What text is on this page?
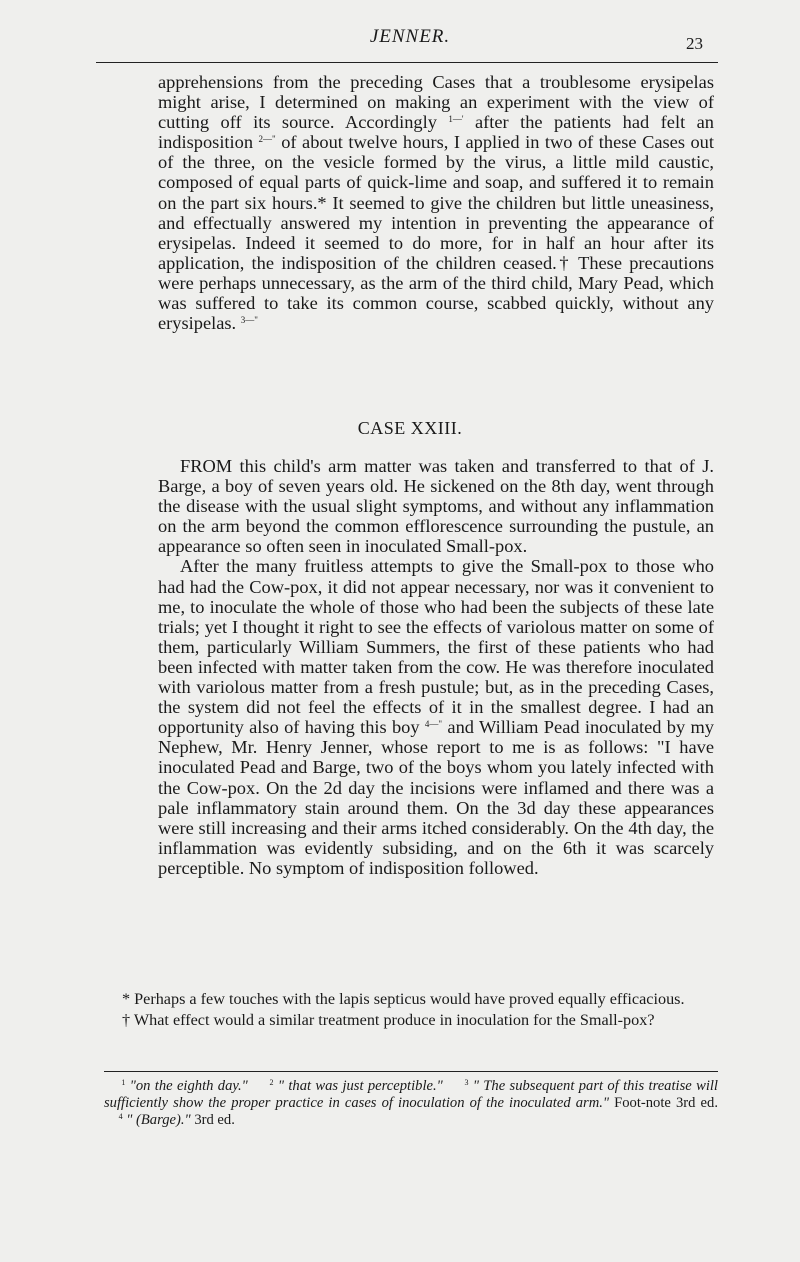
JENNER.	23

apprehensions from the preceding Cases that a troublesome erysipelas might arise, I determined on making an experiment with the view of cutting off its source. Accordingly $^{1—'}$ after the patients had felt an indisposition $^{2—"}$ of about twelve hours, I applied in two of these Cases out of the three, on the vesicle formed by the virus, a little mild caustic, composed of equal parts of quick-lime and soap, and suffered it to remain on the part six hours.* It seemed to give the children but little uneasiness, and effectually answered my intention in preventing the appearance of erysipelas. Indeed it seemed to do more, for in half an hour after its application, the indisposition of the children ceased.† These precautions were perhaps unnecessary, as the arm of the third child, Mary Pead, which was suffered to take its common course, scabbed quickly, without any erysipelas. $^{3—"}$

CASE XXIII.

FROM this child's arm matter was taken and transferred to that of J. Barge, a boy of seven years old. He sickened on the 8th day, went through the disease with the usual slight symptoms, and without any inflammation on the arm beyond the common efflorescence surrounding the pustule, an appearance so often seen in inoculated Small-pox.

After the many fruitless attempts to give the Small-pox to those who had had the Cow-pox, it did not appear necessary, nor was it convenient to me, to inoculate the whole of those who had been the subjects of these late trials; yet I thought it right to see the effects of variolous matter on some of them, particularly William Summers, the first of these patients who had been infected with matter taken from the cow. He was therefore inoculated with variolous matter from a fresh pustule; but, as in the preceding Cases, the system did not feel the effects of it in the smallest degree. I had an opportunity also of having this boy $^{4—"}$ and William Pead inoculated by my Nephew, Mr. Henry Jenner, whose report to me is as follows: "I have inoculated Pead and Barge, two of the boys whom you lately infected with the Cow-pox. On the 2d day the incisions were inflamed and there was a pale inflammatory stain around them. On the 3d day these appearances were still increasing and their arms itched considerably. On the 4th day, the inflammation was evidently subsiding, and on the 6th it was scarcely perceptible. No symptom of indisposition followed.

* Perhaps a few touches with the lapis septicus would have proved equally efficacious.

† What effect would a similar treatment produce in inoculation for the Small-pox?

$^1$ "on the eighth day."	$^2$ " that was just perceptible."	$^3$ " The subsequent part of this treatise will sufficiently show the proper practice in cases of inoculation of the inoculated arm." Foot-note 3rd ed.     $^4$ " (Barge)." 3rd ed.
